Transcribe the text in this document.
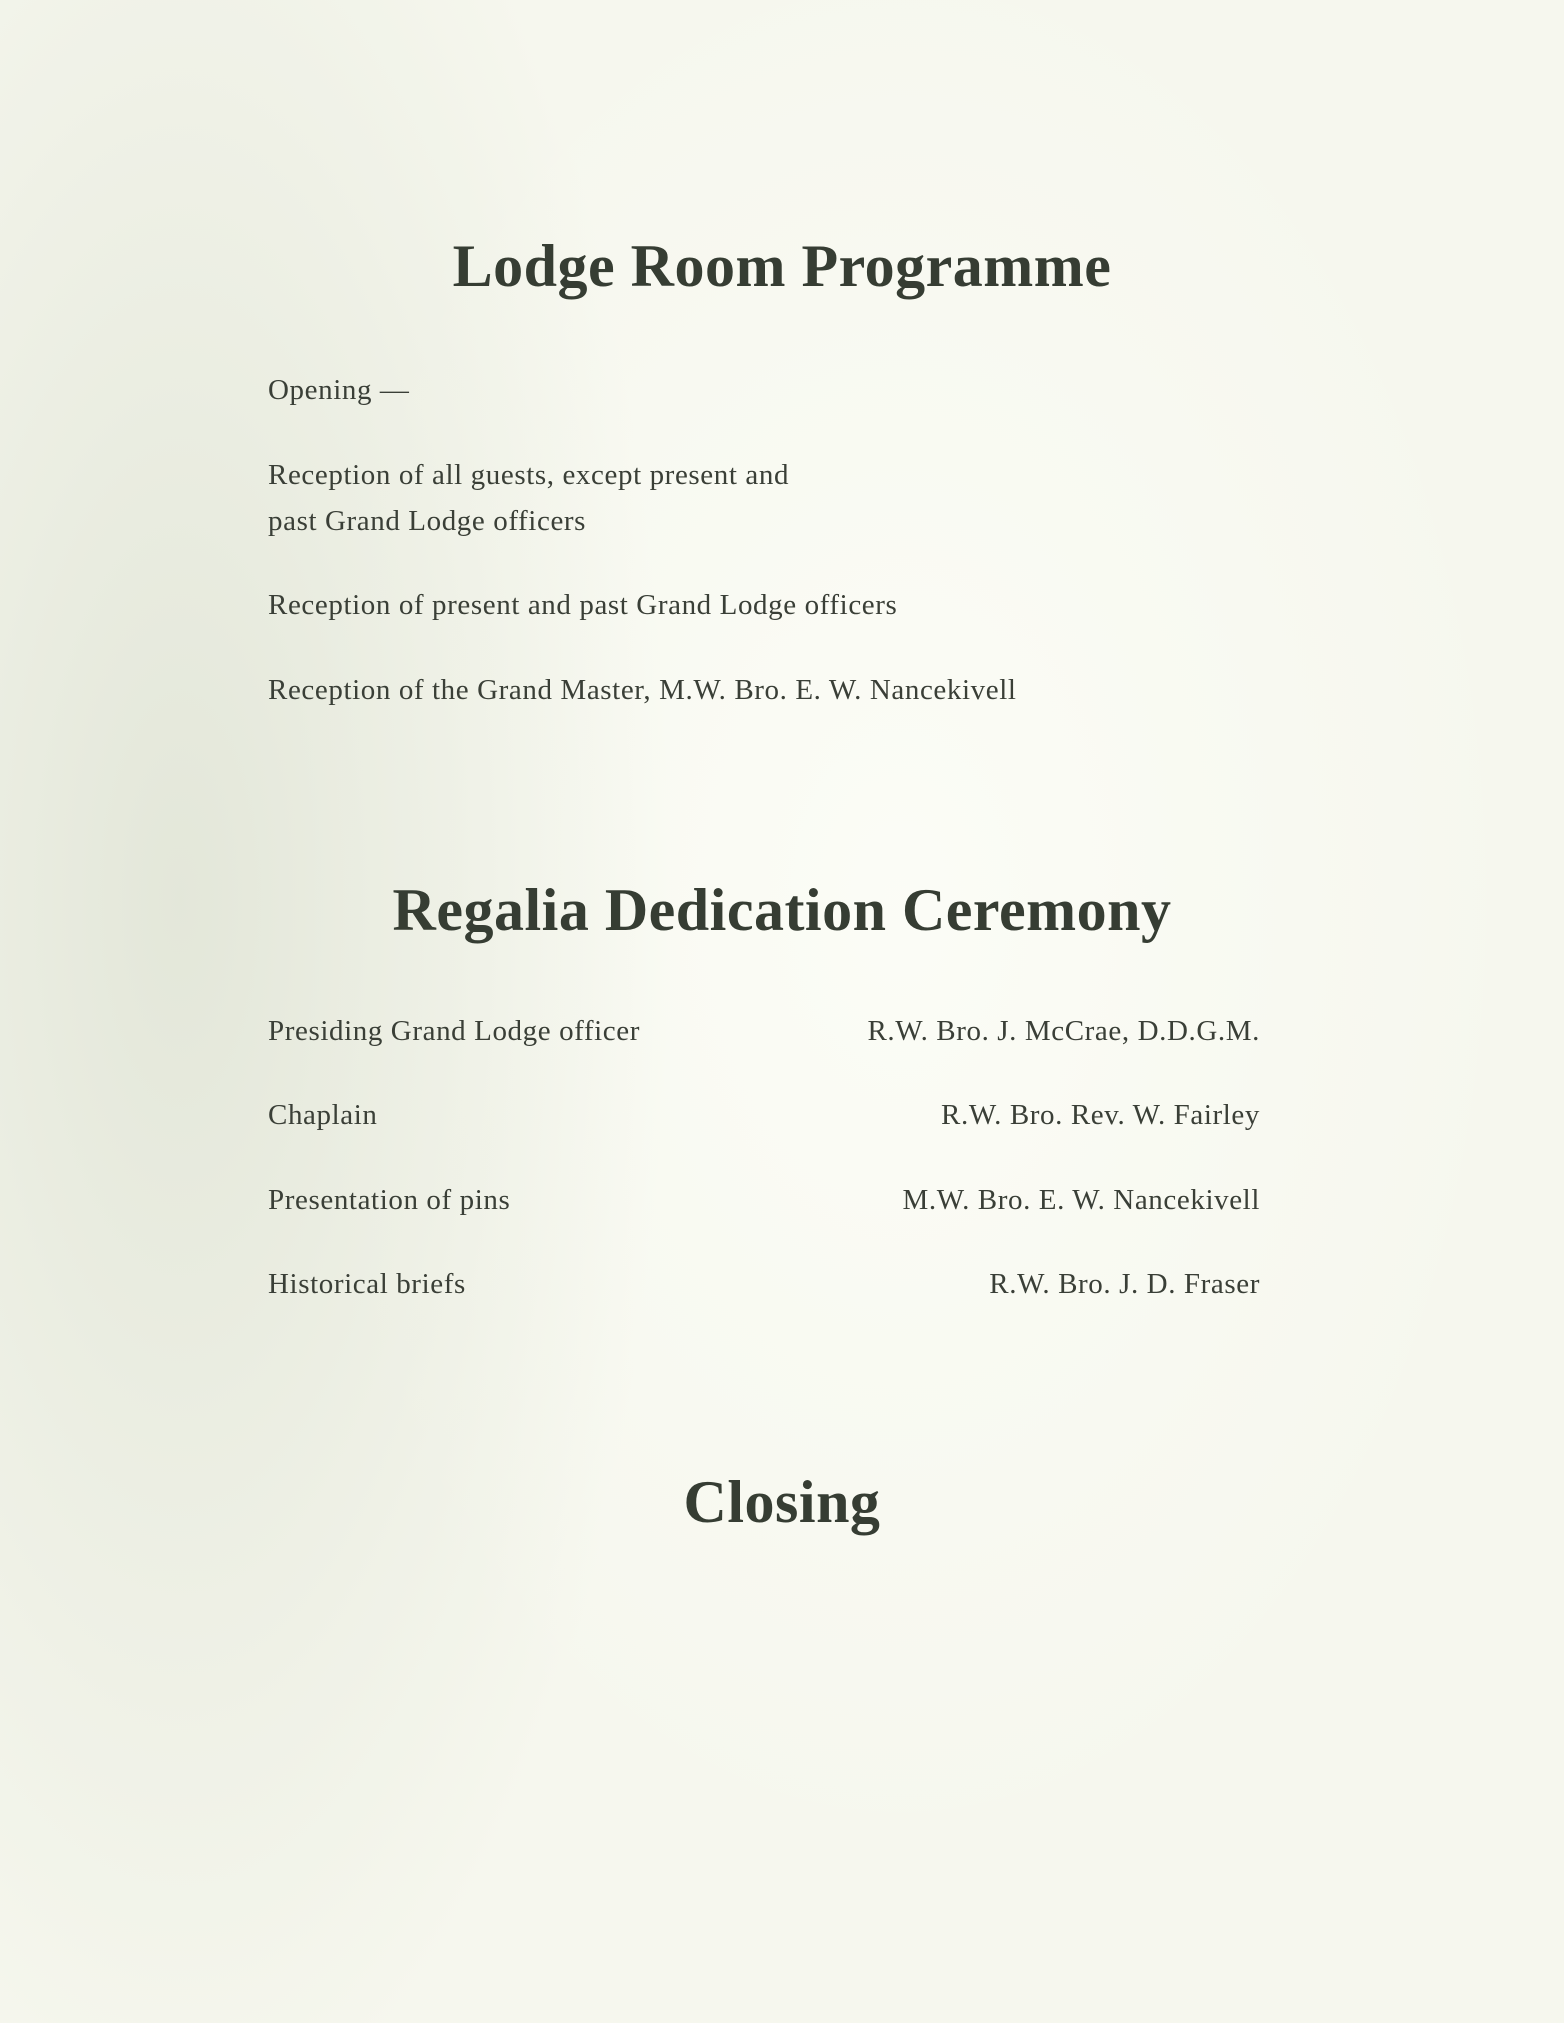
Lodge Room Programme
Opening —
Reception of all guests, except present and
past Grand Lodge officers
Reception of present and past Grand Lodge officers
Reception of the Grand Master, M.W. Bro. E. W. Nancekivell
Regalia Dedication Ceremony
Presiding Grand Lodge officer	R.W. Bro. J. McCrae, D.D.G.M.
Chaplain	R.W. Bro. Rev. W. Fairley
Presentation of pins	M.W. Bro. E. W. Nancekivell
Historical briefs	R.W. Bro. J. D. Fraser
Closing
